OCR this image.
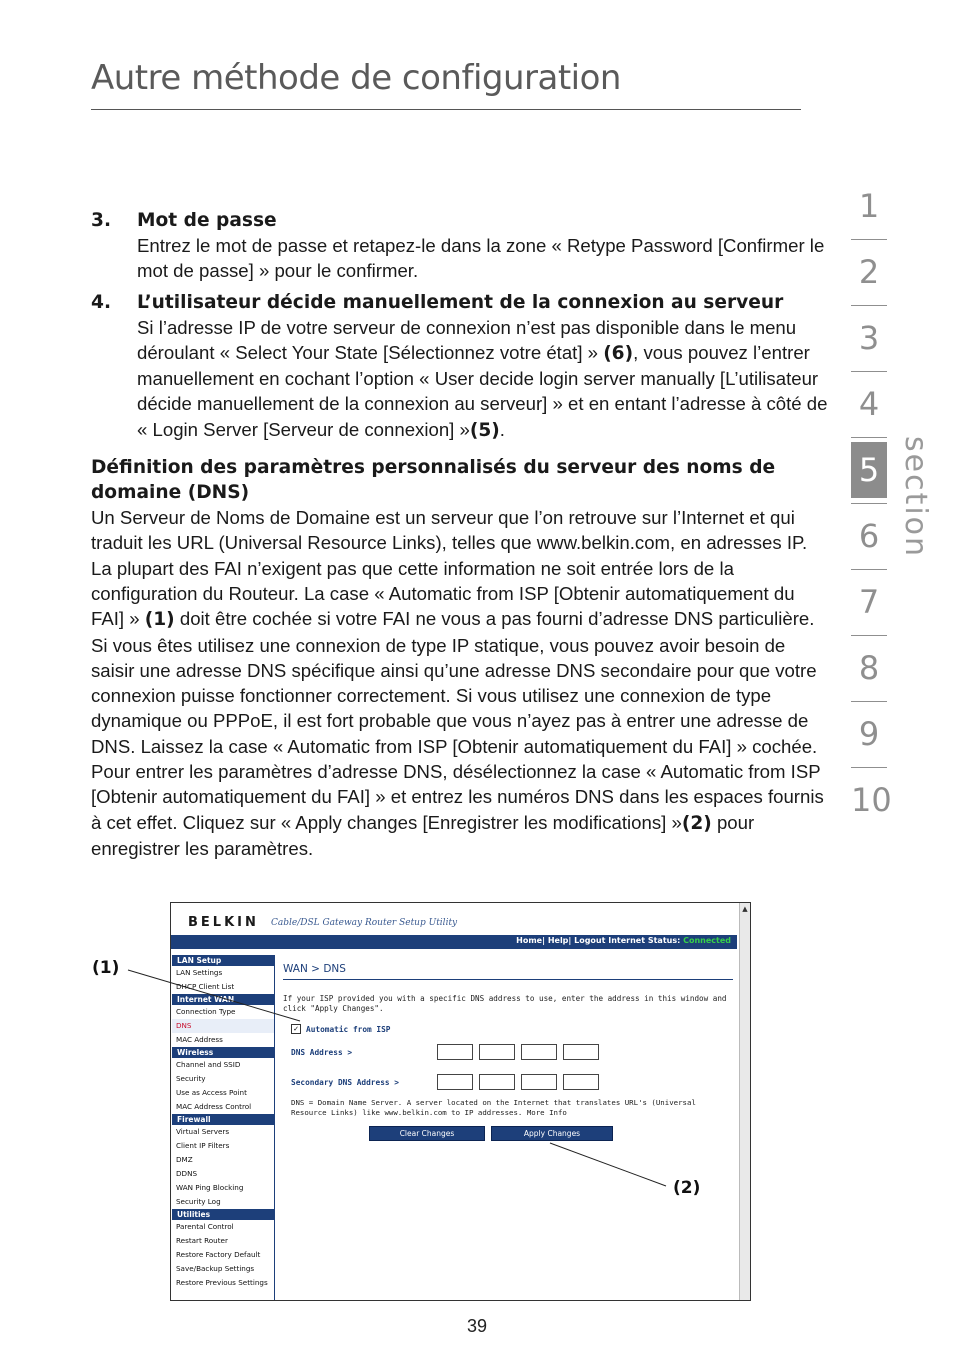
Autre méthode de configuration
3.	Mot de passe

Entrez le mot de passe et retapez-le dans la zone « Retype Password [Confirmer le mot de passe] » pour le confirmer.

4.	L’utilisateur décide manuellement de la connexion au serveur

Si l’adresse IP de votre serveur de connexion n’est pas disponible dans le menu déroulant « Select Your State [Sélectionnez votre état] » (6), vous pouvez l’entrer manuellement en cochant l’option « User decide login server manually [L’utilisateur décide manuellement de la connexion au serveur] » et en entant l’adresse à côté de « Login Server [Serveur de connexion] »(5).

Définition des paramètres personnalisés du serveur des noms de domaine (DNS)

Un Serveur de Noms de Domaine est un serveur que l’on retrouve sur l’Internet et qui traduit les URL (Universal Resource Links), telles que www.belkin.com, en adresses IP. La plupart des FAI n’exigent pas que cette information ne soit entrée lors de la configuration du Routeur. La case « Automatic from ISP [Obtenir automatiquement du FAI] » (1) doit être cochée si votre FAI ne vous a pas fourni d’adresse DNS particulière. Si vous êtes utilisez une connexion de type IP statique, vous pouvez avoir besoin de saisir une adresse DNS spécifique ainsi qu’une adresse DNS secondaire pour que votre connexion puisse fonctionner correctement. Si vous utilisez une connexion de type dynamique ou PPPoE, il est fort probable que vous n’ayez pas à entrer une adresse de DNS. Laissez la case « Automatic from ISP [Obtenir automatiquement du FAI] » cochée. Pour entrer les paramètres d’adresse DNS, désélectionnez la case « Automatic from ISP [Obtenir automatiquement du FAI] » et entrez les numéros DNS dans les espaces fournis à cet effet. Cliquez sur « Apply changes [Enregistrer les modifications] »(2) pour enregistrer les paramètres.

1
2
3
4
5
6
7
8
9
10
section
BELKIN Cable/DSL Gateway Router Setup Utility
Home| Help| Logout Internet Status: Connected
▲
LAN Setup
LAN Settings
DHCP Client List
Internet WAN
Connection Type
DNS
MAC Address
Wireless
Channel and SSID
Security
Use as Access Point
MAC Address Control
Firewall
Virtual Servers
Client IP Filters
DMZ
DDNS
WAN Ping Blocking
Security Log
Utilities
Parental Control
Restart Router
Restore Factory Default
Save/Backup Settings
Restore Previous Settings
WAN > DNS
If your ISP provided you with a specific DNS address to use, enter the address in this window and click "Apply Changes".
✓ Automatic from ISP
DNS Address >
Secondary DNS Address >
DNS = Domain Name Server. A server located on the Internet that translates URL's (Universal Resource Links) like www.belkin.com to IP addresses. More Info
Clear Changes	Apply Changes
(1)
(2)
39
